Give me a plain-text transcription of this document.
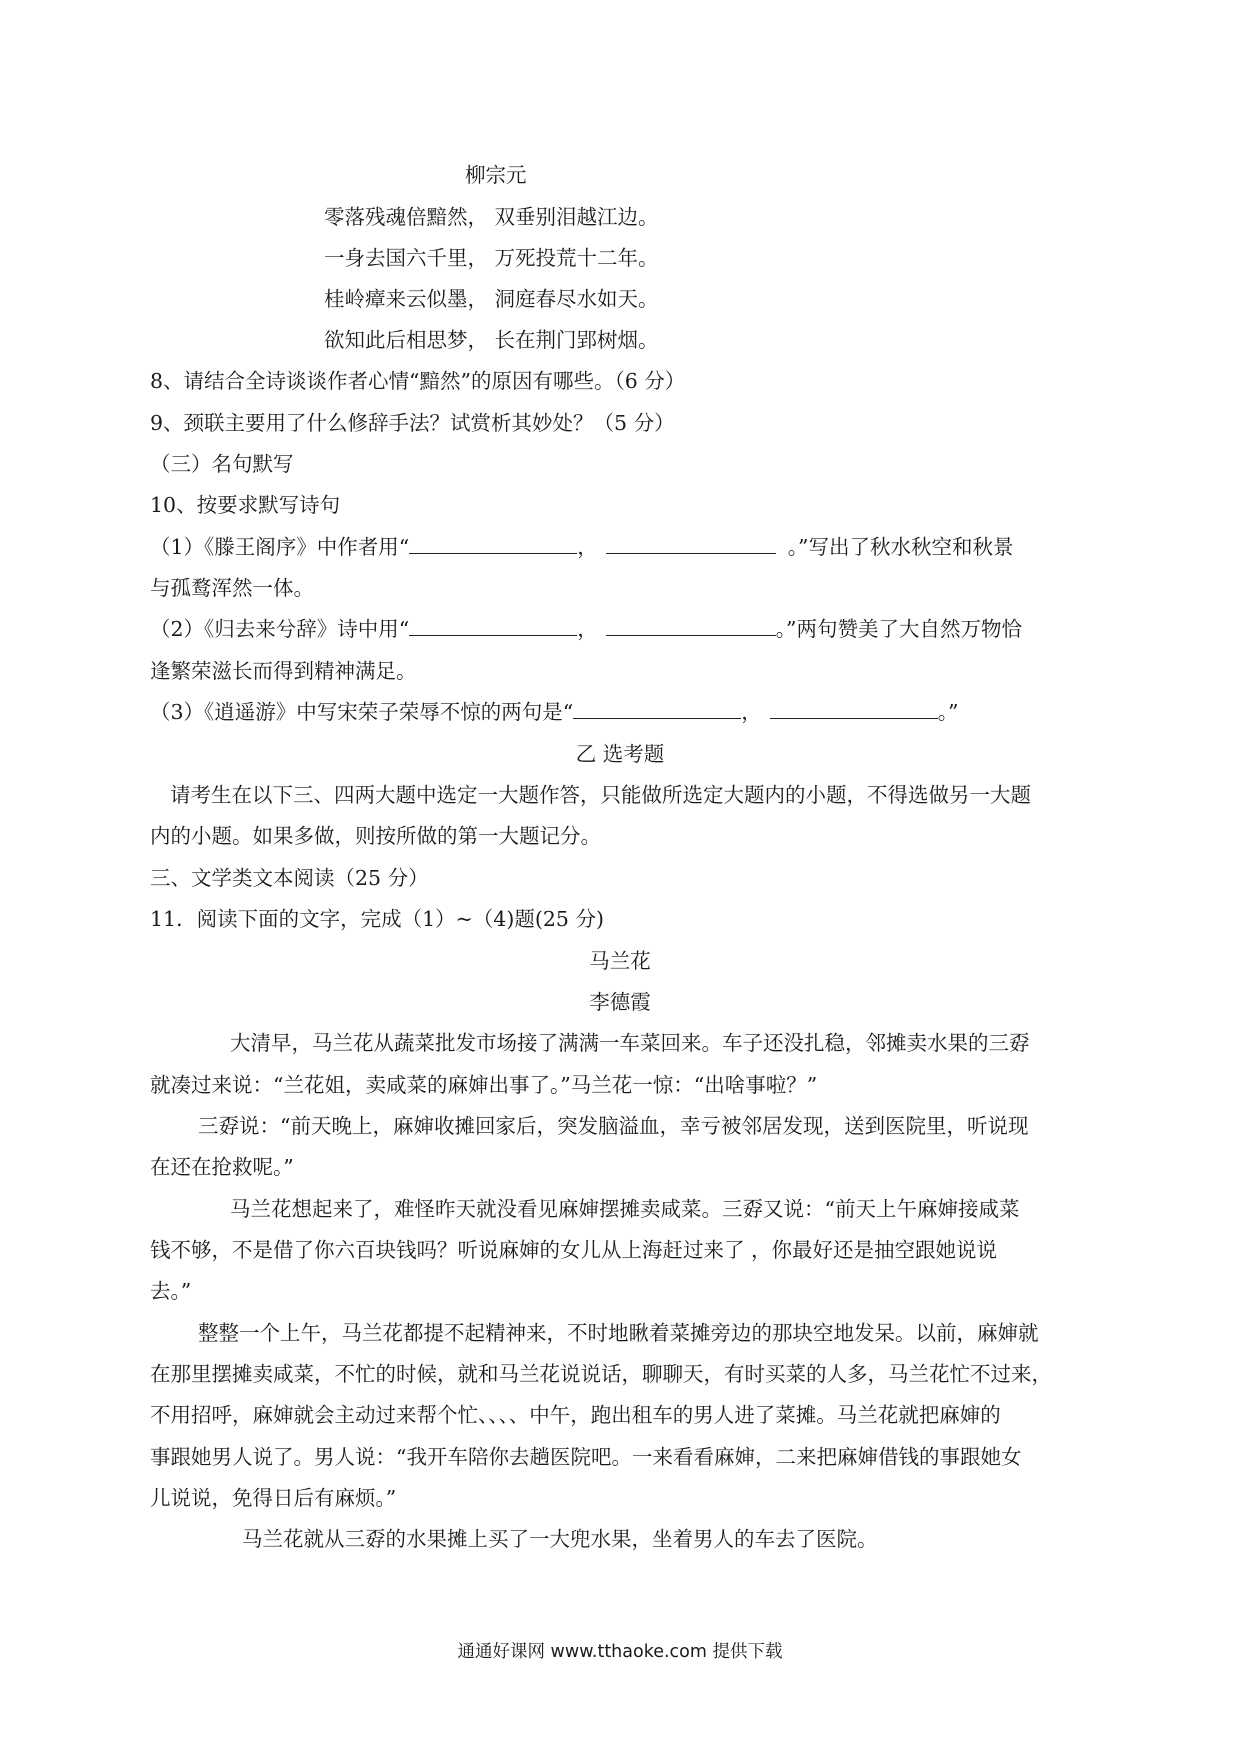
柳宗元
零落残魂倍黯然， 双垂别泪越江边。
一身去国六千里， 万死投荒十二年。
桂岭瘴来云似墨， 洞庭春尽水如天。
欲知此后相思梦， 长在荆门郢树烟。
8、请结合全诗谈谈作者心情“黯然”的原因有哪些。（6 分）
9、颈联主要用了什么修辞手法？试赏析其妙处？（5 分）
（三）名句默写
10、按要求默写诗句
（1）《滕王阁序》中作者用“	，	。”写出了秋水秋空和秋景
与孤鹜浑然一体。
（2）《归去来兮辞》诗中用“	，	。”两句赞美了大自然万物恰
逢繁荣滋长而得到精神满足。
（3）《逍遥游》中写宋荣子荣辱不惊的两句是“	，	。”
乙 选考题
请考生在以下三、四两大题中选定一大题作答，只能做所选定大题内的小题，不得选做另一大题
内的小题。如果多做，则按所做的第一大题记分。
三、文学类文本阅读（25 分）
11．阅读下面的文字，完成（1）~（4)题(25 分)
马兰花
李德霞
大清早，马兰花从蔬菜批发市场接了满满一车菜回来。车子还没扎稳，邻摊卖水果的三孬
就凑过来说：“兰花姐，卖咸菜的麻婶出事了。”马兰花一惊：“出啥事啦？”
三孬说：“前天晚上，麻婶收摊回家后，突发脑溢血，幸亏被邻居发现，送到医院里，听说现
在还在抢救呢。”
马兰花想起来了，难怪昨天就没看见麻婶摆摊卖咸菜。三孬又说：“前天上午麻婶接咸菜
钱不够，不是借了你六百块钱吗？听说麻婶的女儿从上海赶过来了 ，你最好还是抽空跟她说说
去。”
整整一个上午，马兰花都提不起精神来，不时地瞅着菜摊旁边的那块空地发呆。以前，麻婶就
在那里摆摊卖咸菜，不忙的时候，就和马兰花说说话，聊聊天，有时买菜的人多，马兰花忙不过来，
不用招呼，麻婶就会主动过来帮个忙、、、、中午，跑出租车的男人进了菜摊。马兰花就把麻婶的
事跟她男人说了。男人说：“我开车陪你去趟医院吧。一来看看麻婶，二来把麻婶借钱的事跟她女
儿说说，免得日后有麻烦。”
马兰花就从三孬的水果摊上买了一大兜水果，坐着男人的车去了医院。
通通好课网 www.tthaoke.com 提供下载
